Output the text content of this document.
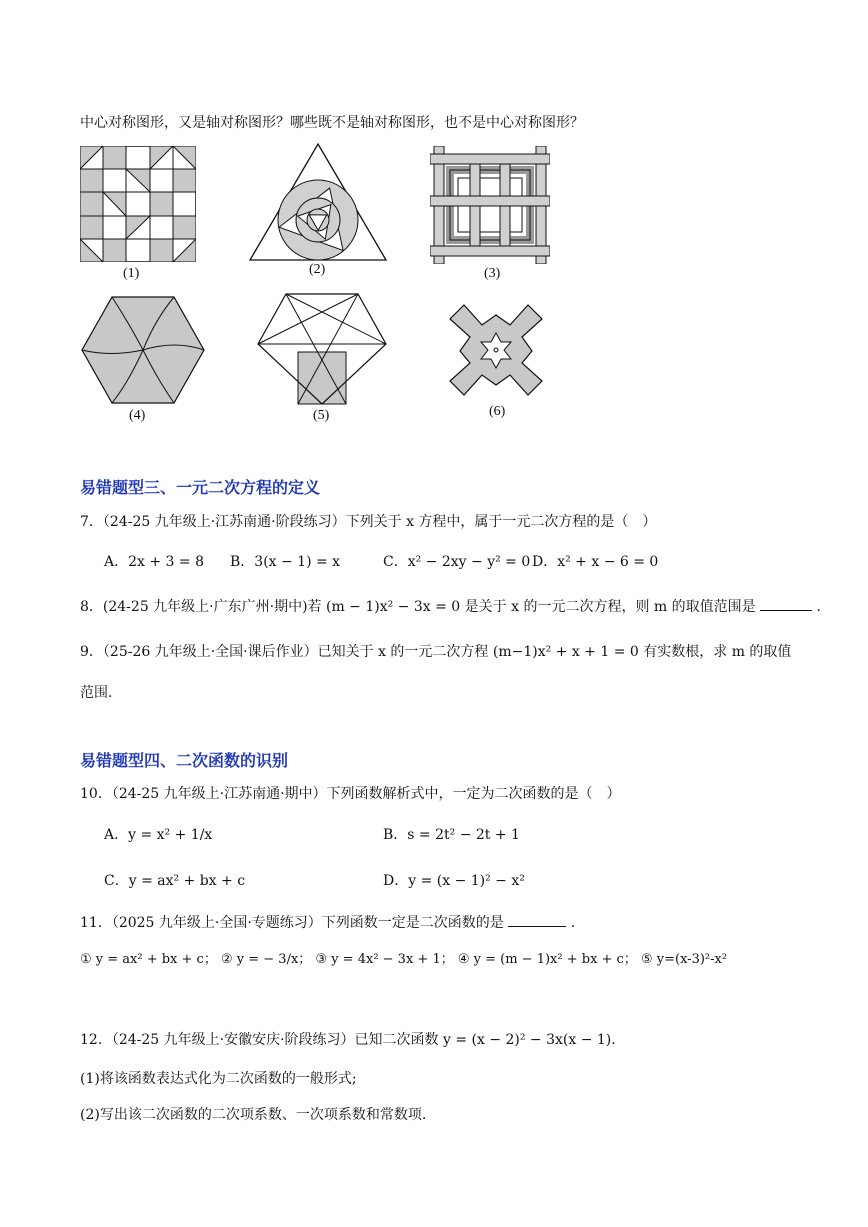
中心对称图形，又是轴对称图形？哪些既不是轴对称图形，也不是中心对称图形？
(1)	(2)	(3)
(4)	(5)	(6)
易错题型三、一元二次方程的定义
7．（24-25 九年级上·江苏南通·阶段练习）下列关于 x 方程中，属于一元二次方程的是（　）
A．2x + 3 = 8 B．3(x − 1) = x	C．x² − 2xy − y² = 0 D．x² + x − 6 = 0
8．(24-25 九年级上·广东广州·期中)若 (m − 1)x² − 3x = 0 是关于 x 的一元二次方程，则 m 的取值范围是	.
9．（25-26 九年级上·全国·课后作业）已知关于 x 的一元二次方程 (m−1)x² + x + 1 = 0 有实数根，求 m 的取值
范围.
易错题型四、二次函数的识别
10．（24-25 九年级上·江苏南通·期中）下列函数解析式中，一定为二次函数的是（　）
A．y = x² + 1/x	B．s = 2t² − 2t + 1
C．y = ax² + bx + c	D．y = (x − 1)² − x²
11．（2025 九年级上·全国·专题练习）下列函数一定是二次函数的是	.
① y = ax² + bx + c； ② y = − 3/x； ③ y = 4x² − 3x + 1； ④ y = (m − 1)x² + bx + c； ⑤ y=(x-3)²-x²
12．（24-25 九年级上·安徽安庆·阶段练习）已知二次函数 y = (x − 2)² − 3x(x − 1).
(1)将该函数表达式化为二次函数的一般形式;
(2)写出该二次函数的二次项系数、一次项系数和常数项.
